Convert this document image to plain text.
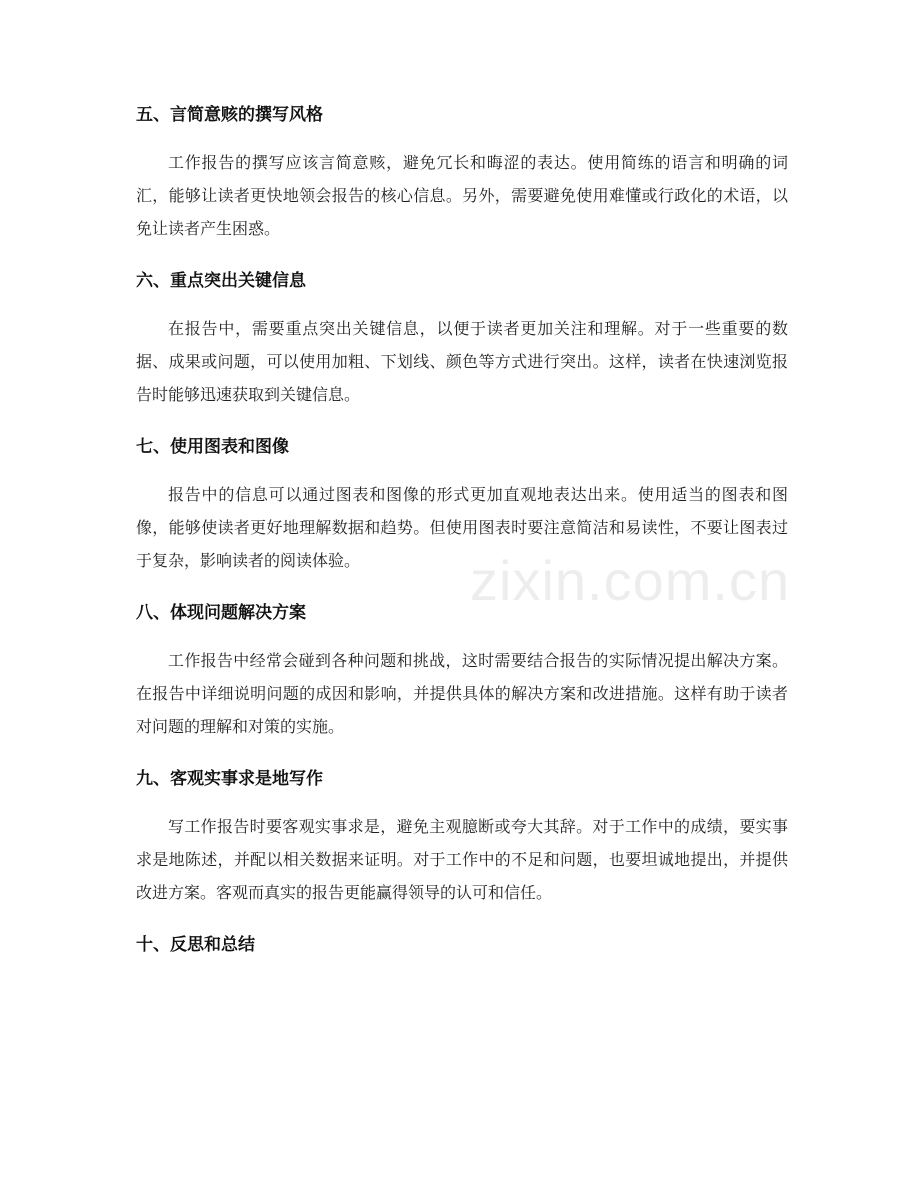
zixin.com.cn
五、言简意赅的撰写风格

工作报告的撰写应该言简意赅，避免冗长和晦涩的表达。使用简练的语言和明确的词汇，能够让读者更快地领会报告的核心信息。另外，需要避免使用难懂或行政化的术语，以免让读者产生困惑。

六、重点突出关键信息

在报告中，需要重点突出关键信息，以便于读者更加关注和理解。对于一些重要的数据、成果或问题，可以使用加粗、下划线、颜色等方式进行突出。这样，读者在快速浏览报告时能够迅速获取到关键信息。

七、使用图表和图像

报告中的信息可以通过图表和图像的形式更加直观地表达出来。使用适当的图表和图像，能够使读者更好地理解数据和趋势。但使用图表时要注意简洁和易读性，不要让图表过于复杂，影响读者的阅读体验。

八、体现问题解决方案

工作报告中经常会碰到各种问题和挑战，这时需要结合报告的实际情况提出解决方案。在报告中详细说明问题的成因和影响，并提供具体的解决方案和改进措施。这样有助于读者对问题的理解和对策的实施。

九、客观实事求是地写作

写工作报告时要客观实事求是，避免主观臆断或夸大其辞。对于工作中的成绩，要实事求是地陈述，并配以相关数据来证明。对于工作中的不足和问题，也要坦诚地提出，并提供改进方案。客观而真实的报告更能赢得领导的认可和信任。

十、反思和总结
